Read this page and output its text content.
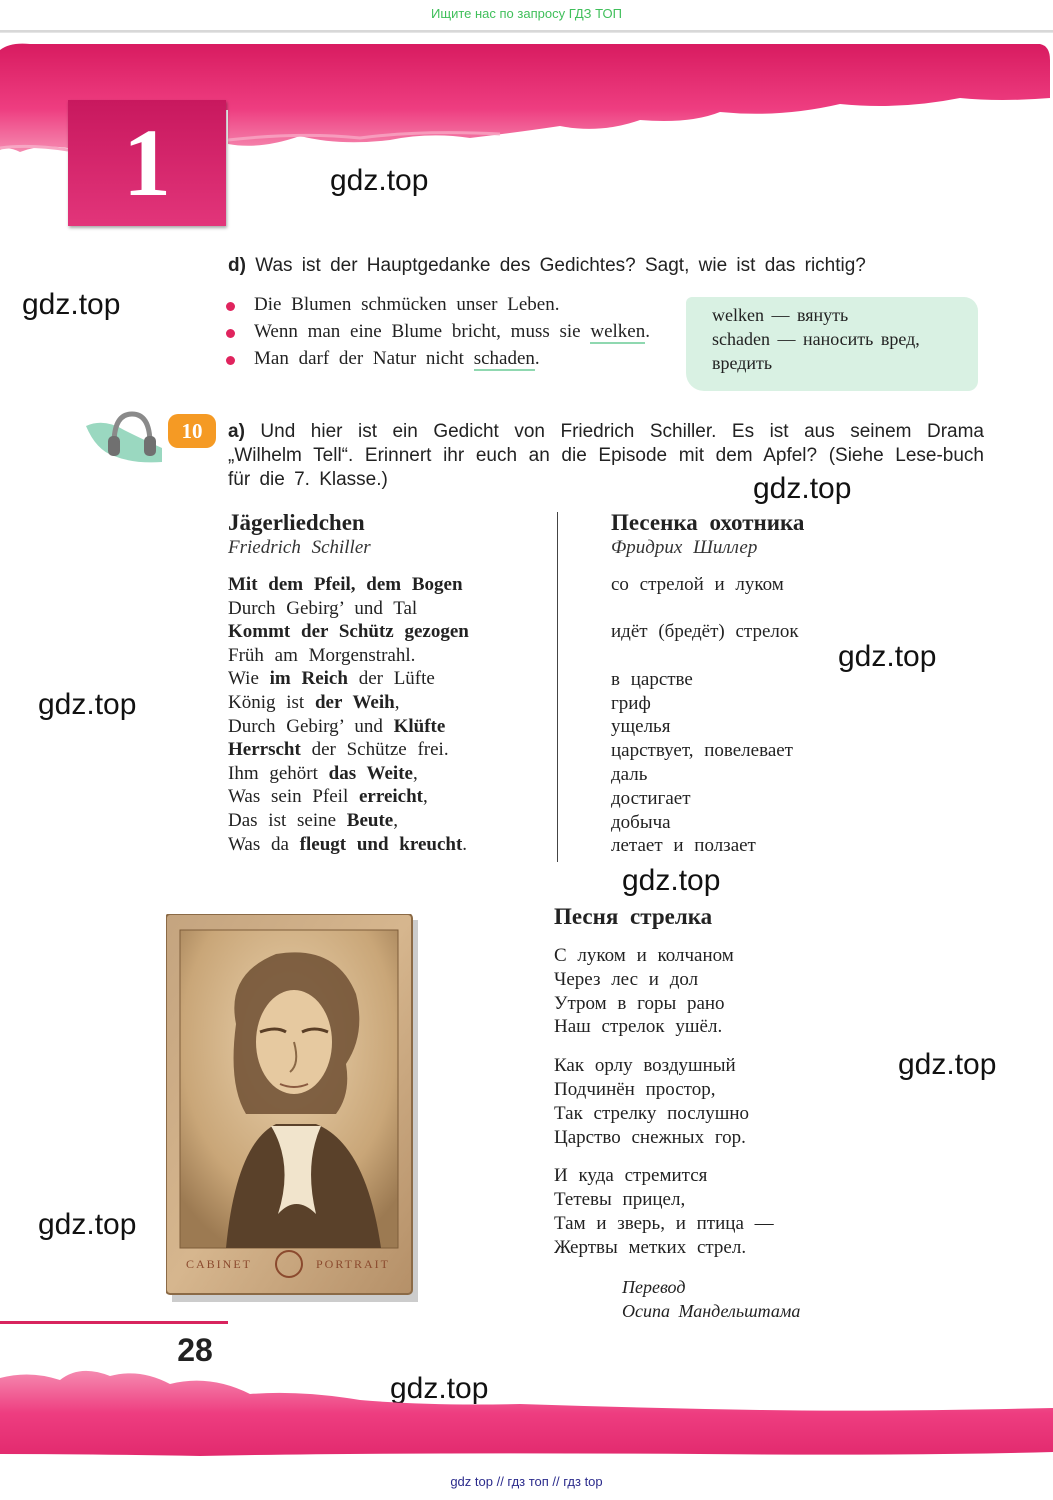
Ищите нас по запросу ГДЗ ТОП
1	gdz.top
gdz.top
gdz.top
gdz.top
gdz.top
gdz.top
gdz.top
gdz.top
gdz.top
d) Was ist der Hauptgedanke des Gedichtes? Sagt, wie ist das richtig?
Die Blumen schmücken unser Leben.
Wenn man eine Blume bricht, muss sie welken.
Man darf der Natur nicht schaden.
welken — вянуть
schaden — наносить вред,
вредить
10	a) Und hier ist ein Gedicht von Friedrich Schiller. Es ist aus seinem Drama „Wilhelm Tell“. Erinnert ihr euch an die Episode mit dem Apfel? (Siehe Lese-buch für die 7. Klasse.)
Jägerliedchen
Friedrich Schiller
Mit dem Pfeil, dem Bogen
Durch Gebirg’ und Tal
Kommt der Schütz gezogen
Früh am Morgenstrahl.
Wie im Reich der Lüfte
König ist der Weih,
Durch Gebirg’ und Klüfte
Herrscht der Schütze frei.
Ihm gehört das Weite,
Was sein Pfeil erreicht,
Das ist seine Beute,
Was da fleugt und kreucht.
Песенка охотника
Фридрих Шиллер
со стрелой и луком
идёт (бредёт) стрелок
в царстве
гриф
ущелья
царствует, повелевает
даль
достигает
добыча
летает и ползает
CABINET	PORTRAIT
Песня стрелка
С луком и колчаном
Через лес и дол
Утром в горы рано
Наш стрелок ушёл.
Как орлу воздушный
Подчинён простор,
Так стрелку послушно
Царство снежных гор.
И куда стремится
Тетевы прицел,
Там и зверь, и птица —
Жертвы метких стрел.
Перевод
Осипа Мандельштама
28
gdz top // гдз топ // гдз top
